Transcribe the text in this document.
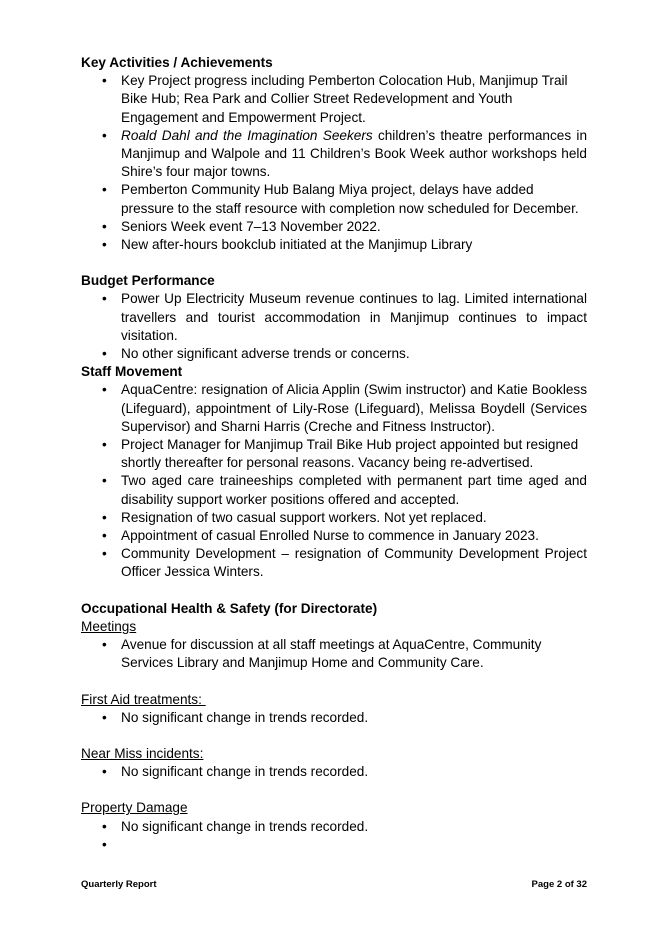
Key Activities / Achievements
• Key Project progress including Pemberton Colocation Hub, Manjimup Trail Bike Hub; Rea Park and Collier Street Redevelopment and Youth Engagement and Empowerment Project.
• Roald Dahl and the Imagination Seekers children’s theatre performances in Manjimup and Walpole and 11 Children’s Book Week author workshops held Shire’s four major towns.
• Pemberton Community Hub Balang Miya project, delays have added pressure to the staff resource with completion now scheduled for December.
• Seniors Week event 7–13 November 2022.
• New after-hours bookclub initiated at the Manjimup Library
Budget Performance
• Power Up Electricity Museum revenue continues to lag. Limited international travellers and tourist accommodation in Manjimup continues to impact visitation.
• No other significant adverse trends or concerns.
Staff Movement
• AquaCentre: resignation of Alicia Applin (Swim instructor) and Katie Bookless (Lifeguard), appointment of Lily-Rose (Lifeguard), Melissa Boydell (Services Supervisor) and Sharni Harris (Creche and Fitness Instructor).
• Project Manager for Manjimup Trail Bike Hub project appointed but resigned shortly thereafter for personal reasons. Vacancy being re-advertised.
• Two aged care traineeships completed with permanent part time aged and disability support worker positions offered and accepted.
• Resignation of two casual support workers. Not yet replaced.
• Appointment of casual Enrolled Nurse to commence in January 2023.
• Community Development – resignation of Community Development Project Officer Jessica Winters.
Occupational Health & Safety (for Directorate)

Meetings

• Avenue for discussion at all staff meetings at AquaCentre, Community Services Library and Manjimup Home and Community Care.

First Aid treatments:

• No significant change in trends recorded.

Near Miss incidents:

• No significant change in trends recorded.

Property Damage

• No significant change in trends recorded.
•
Quarterly Report	Page 2 of 32
